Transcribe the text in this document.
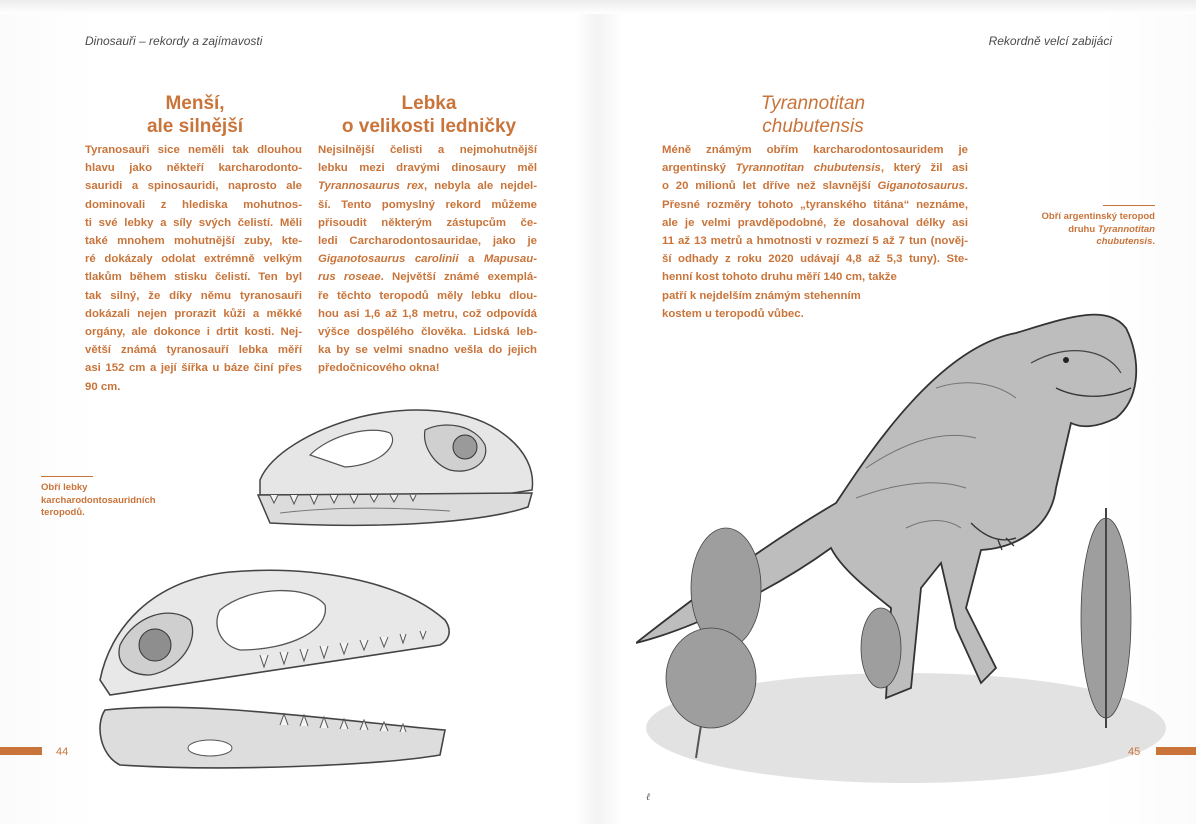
Dinosauři – rekordy a zajímavosti	Rekordně velcí zabijáci
Menší,
ale silnější
Tyranosauři sice neměli tak dlouhou
hlavu jako někteří karcharodonto-
sauridi a spinosauridi, naprosto ale
dominovali z hlediska mohutnos-
ti své lebky a síly svých čelistí. Měli
také mnohem mohutnější zuby, kte-
ré dokázaly odolat extrémně velkým
tlakům během stisku čelistí. Ten byl
tak silný, že díky němu tyranosauři
dokázali nejen prorazit kůži a měkké
orgány, ale dokonce i drtit kosti. Nej-
větší známá tyranosauří lebka měří
asi 152 cm a její šířka u báze činí přes
90 cm.
Lebka
o velikosti ledničky
Nejsilnější čelisti a nejmohutnější
lebku mezi dravými dinosaury měl
Tyrannosaurus rex, nebyla ale nejdel-
ší. Tento pomyslný rekord můžeme
přisoudit některým zástupcům če-
ledi Carcharodontosauridae, jako je
Giganotosaurus carolinii a Mapusau-
rus roseae. Největší známé exemplá-
ře těchto teropodů měly lebku dlou-
hou asi 1,6 až 1,8 metru, což odpovídá
výšce dospělého člověka. Lidská leb-
ka by se velmi snadno vešla do jejich
předočnicového okna!
Tyrannotitan
chubutensis
Méně známým obřím karcharodontosauridem je
argentinský Tyrannotitan chubutensis, který žil asi
o 20 milionů let dříve než slavnější Giganotosaurus.
Přesné rozměry tohoto „tyranského titána“ neznáme,
ale je velmi pravděpodobné, že dosahoval délky asi
11 až 13 metrů a hmotnosti v rozmezí 5 až 7 tun (nověj-
ší odhady z roku 2020 udávají 4,8 až 5,3 tuny). Ste-
henní kost tohoto druhu měří 140 cm, takže
patří k nejdelším známým stehenním
kostem u teropodů vůbec.
Obří lebky
karcharodontosauridních
teropodů.
Obří argentinský teropod
druhu Tyrannotitan
chubutensis.
ℓ
44	45
